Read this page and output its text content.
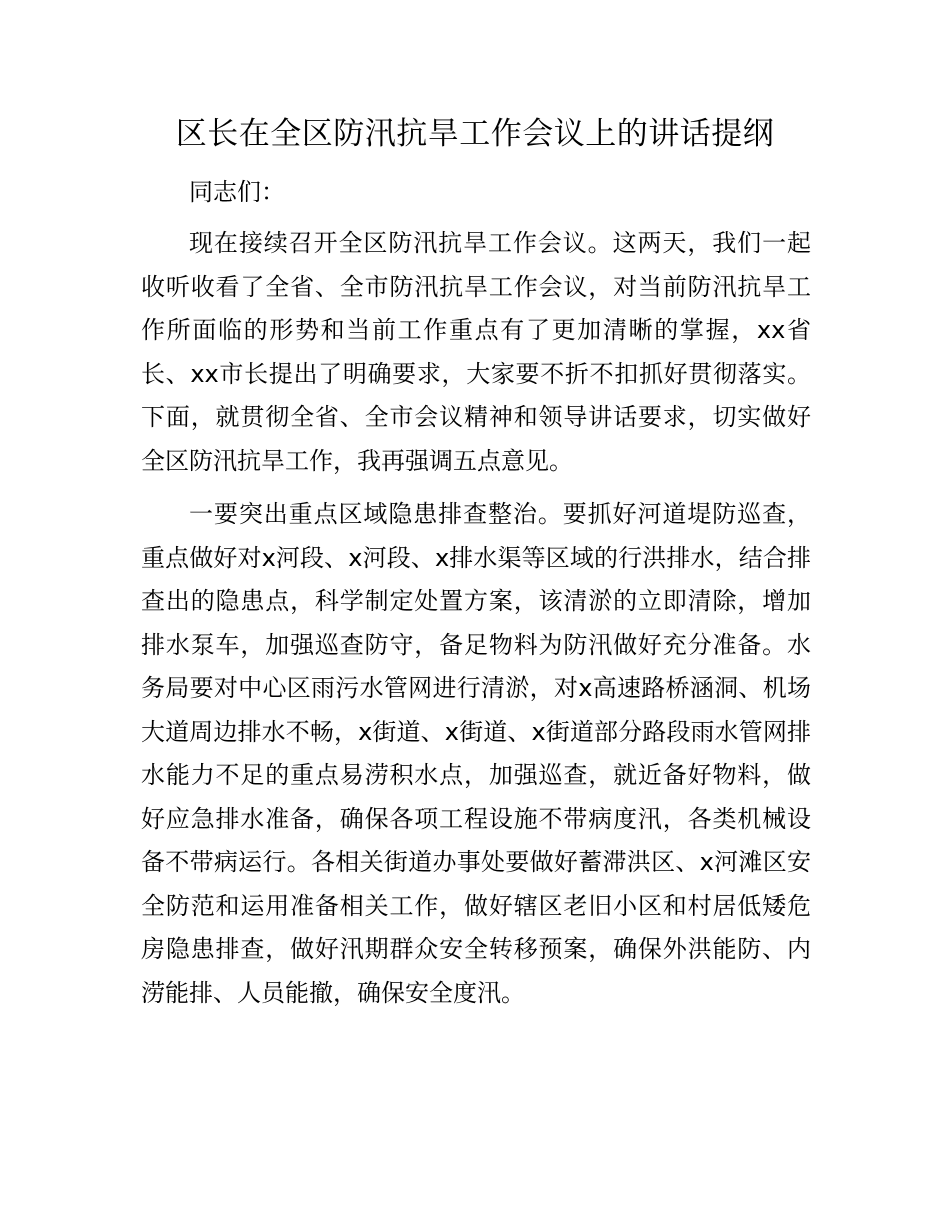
区长在全区防汛抗旱工作会议上的讲话提纲

同志们：

现在接续召开全区防汛抗旱工作会议。这两天，我们一起收听收看了全省、全市防汛抗旱工作会议，对当前防汛抗旱工作所面临的形势和当前工作重点有了更加清晰的掌握，xx省长、xx市长提出了明确要求，大家要不折不扣抓好贯彻落实。下面，就贯彻全省、全市会议精神和领导讲话要求，切实做好全区防汛抗旱工作，我再强调五点意见。

一要突出重点区域隐患排查整治。要抓好河道堤防巡查，重点做好对x河段、x河段、x排水渠等区域的行洪排水，结合排查出的隐患点，科学制定处置方案，该清淤的立即清除，增加排水泵车，加强巡查防守，备足物料为防汛做好充分准备。水务局要对中心区雨污水管网进行清淤，对x高速路桥涵洞、机场大道周边排水不畅，x街道、x街道、x街道部分路段雨水管网排水能力不足的重点易涝积水点，加强巡查，就近备好物料，做好应急排水准备，确保各项工程设施不带病度汛，各类机械设备不带病运行。各相关街道办事处要做好蓄滞洪区、x河滩区安全防范和运用准备相关工作，做好辖区老旧小区和村居低矮危房隐患排查，做好汛期群众安全转移预案，确保外洪能防、内涝能排、人员能撤，确保安全度汛。
